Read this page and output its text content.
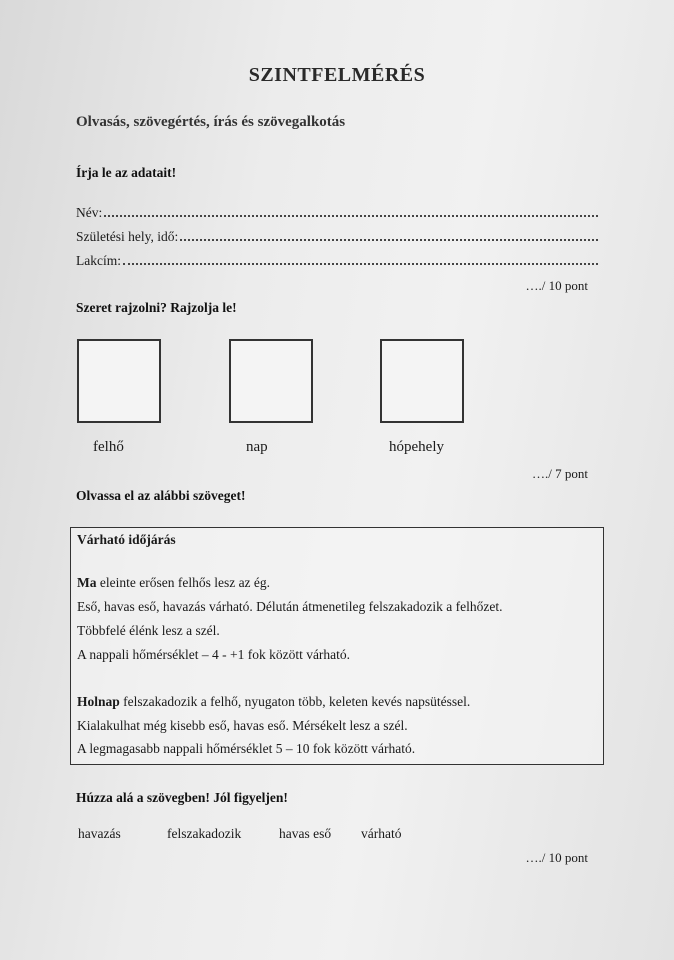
SZINTFELMÉRÉS
Olvasás, szövegértés, írás és szövegalkotás
Írja le az adatait!
Név:
Születési hely, idő:
Lakcím:
…./ 10 pont
Szeret rajzolni? Rajzolja le!
felhő	nap	hópehely
…./ 7 pont
Olvassa el az alábbi szöveget!
Várható időjárás
Ma eleinte erősen felhős lesz az ég.
Eső, havas eső, havazás várható. Délután átmenetileg felszakadozik a felhőzet.
Többfelé élénk lesz a szél.
A nappali hőmérséklet – 4 - +1 fok között várható.
Holnap felszakadozik a felhő, nyugaton több, keleten kevés napsütéssel.
Kialakulhat még kisebb eső, havas eső. Mérsékelt lesz a szél.
A legmagasabb nappali hőmérséklet 5 – 10 fok között várható.
Húzza alá a szövegben! Jól figyeljen!
havazás	felszakadozik	havas eső várható
…./ 10 pont
